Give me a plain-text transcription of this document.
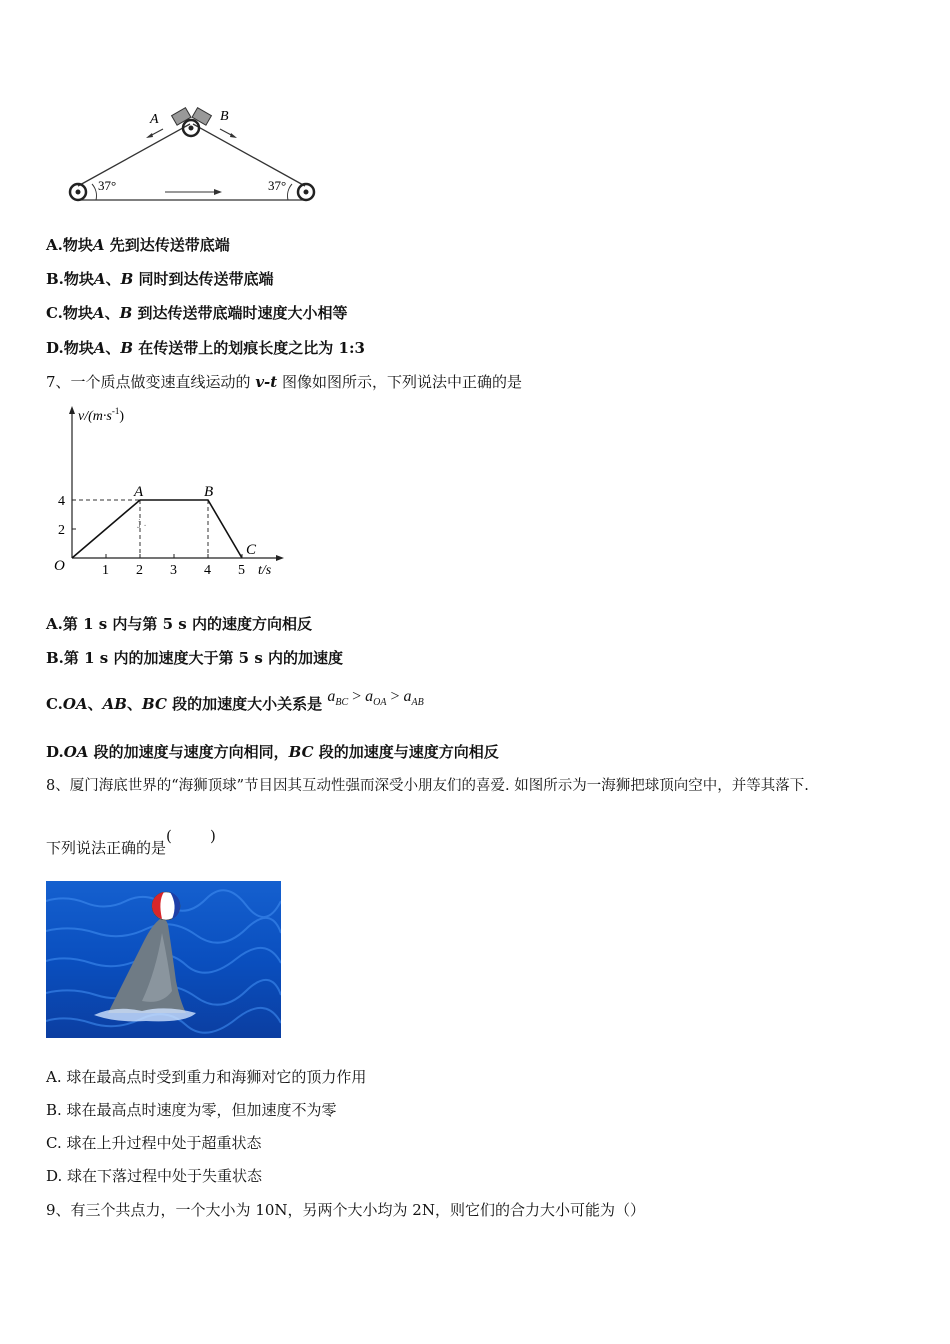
A	B
37°	37°
A.物块A 先到达传送带底端
B.物块A、B 同时到达传送带底端
C.物块A、B 到达传送带底端时速度大小相等
D.物块A、B 在传送带上的划痕长度之比为 1:3
7、一个质点做变速直线运动的 v-t 图像如图所示，下列说法中正确的是
$v/(m\cdot s^{-1})$
t/s
O	1 2 3 4 5
2
4
A	B
C
j .
A.第 1 s 内与第 5 s 内的速度方向相反
B.第 1 s 内的加速度大于第 5 s 内的加速度
C.OA、AB、BC 段的加速度大小关系是 $a_{BC} > a_{OA} > a_{AB}$
D.OA 段的加速度与速度方向相同，BC 段的加速度与速度方向相反
8、厦门海底世界的“海狮顶球”节目因其互动性强而深受小朋友们的喜爱. 如图所示为一海狮把球顶向空中，并等其落下.
下列说法正确的是(        )
A. 球在最高点时受到重力和海狮对它的顶力作用
B. 球在最高点时速度为零，但加速度不为零
C. 球在上升过程中处于超重状态
D. 球在下落过程中处于失重状态
9、有三个共点力，一个大小为 10N，另两个大小均为 2N，则它们的合力大小可能为（）
